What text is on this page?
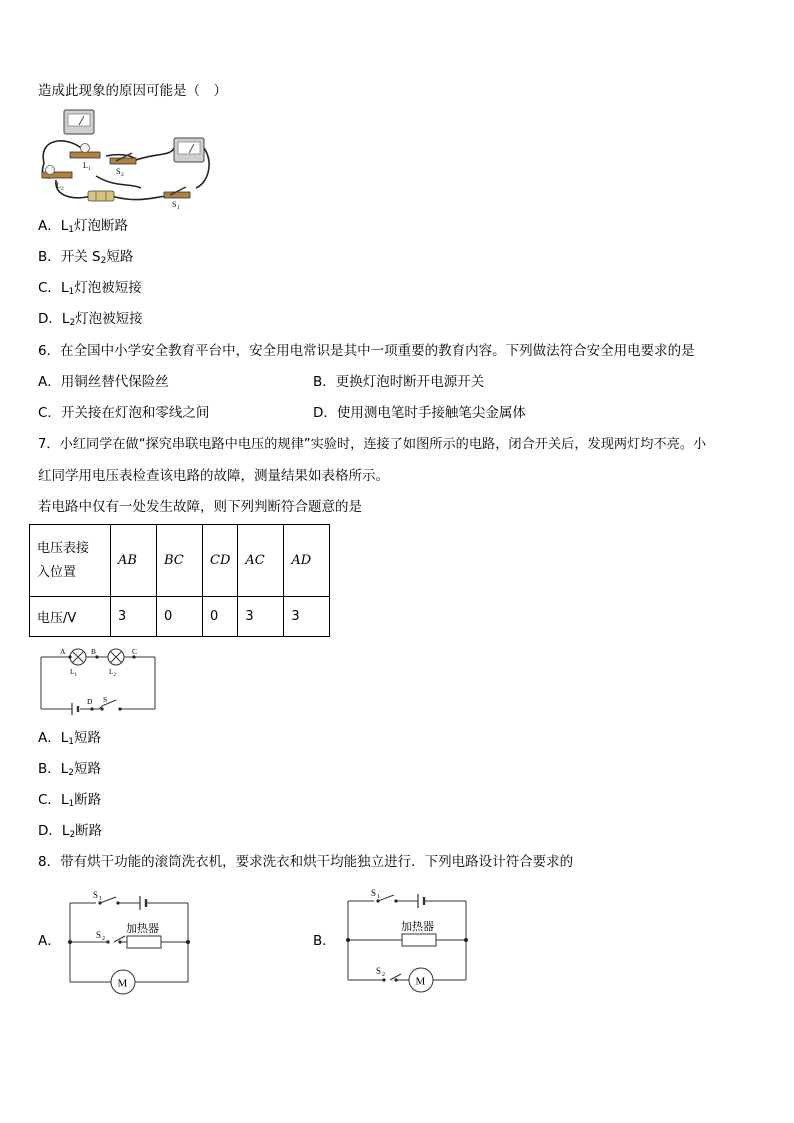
造成此现象的原因可能是（　）
L 1	S 2
L 2
S 1
A．$L_1$灯泡断路
B．开关 $S_2$短路
C．$L_1$灯泡被短接
D．$L_2$灯泡被短接
6．在全国中小学安全教育平台中，安全用电常识是其中一项重要的教育内容。下列做法符合安全用电要求的是
A．用铜丝替代保险丝	B．更换灯泡时断开电源开关
C．开关接在灯泡和零线之间	D．使用测电笔时手接触笔尖金属体
7．小红同学在做“探究串联电路中电压的规律”实验时，连接了如图所示的电路，闭合开关后，发现两灯均不亮。小
红同学用电压表检查该电路的故障，测量结果如表格所示。
若电路中仅有一处发生故障，则下列判断符合题意的是
电压表接
入位置	AB	BC	CD	AC	AD
电压/V	3	0	0	3	3
A	B	C
D S
L 1	L 2
A．$L_1$短路
B．$L_2$短路
C．$L_1$断路
D．$L_2$断路
8．带有烘干功能的滚筒洗衣机，要求洗衣和烘干均能独立进行．下列电路设计符合要求的
A．
M
S 1
S 2
加热器
B．
M
S 1
S 2
加热器
